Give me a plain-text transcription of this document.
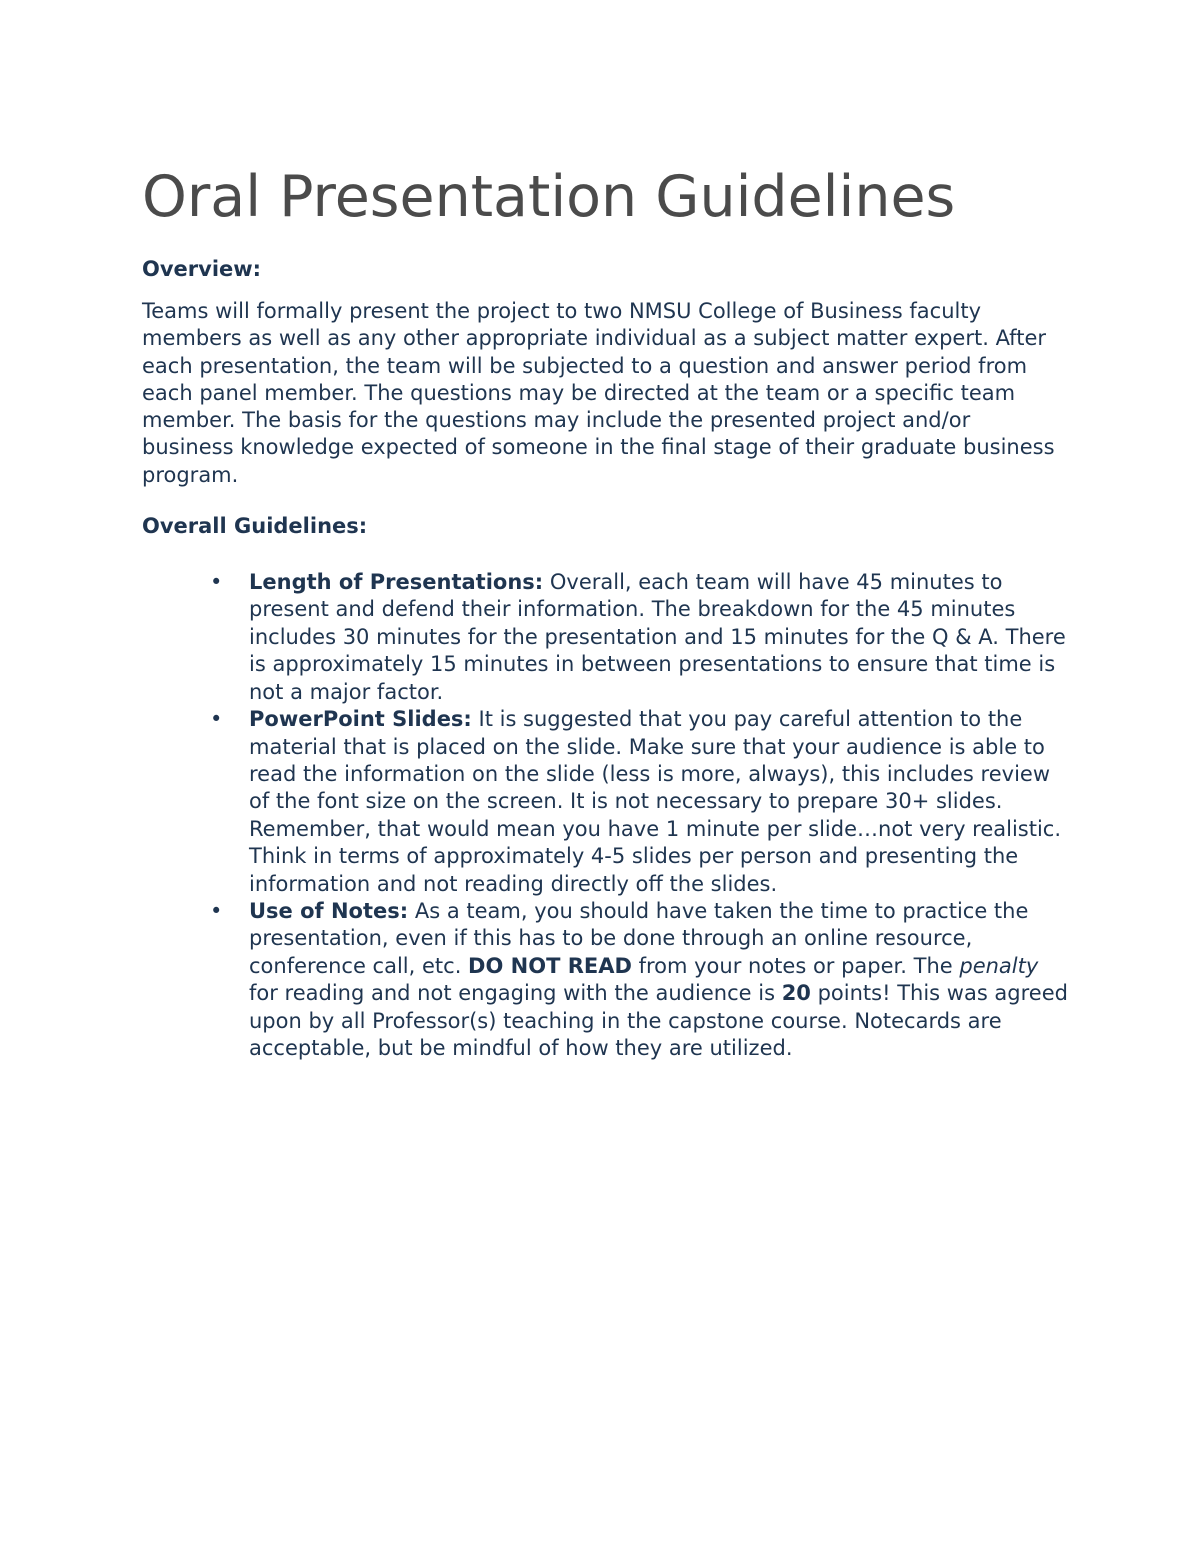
Oral Presentation Guidelines
Overview:

Teams will formally present the project to two NMSU College of Business faculty members as well as any other appropriate individual as a subject matter expert. After each presentation, the team will be subjected to a question and answer period from each panel member. The questions may be directed at the team or a specific team member. The basis for the questions may include the presented project and/or business knowledge expected of someone in the final stage of their graduate business program.

Overall Guidelines:
• Length of Presentations: Overall, each team will have 45 minutes to present and defend their information. The breakdown for the 45 minutes includes 30 minutes for the presentation and 15 minutes for the Q & A. There is approximately 15 minutes in between presentations to ensure that time is not a major factor.
• PowerPoint Slides: It is suggested that you pay careful attention to the material that is placed on the slide. Make sure that your audience is able to read the information on the slide (less is more, always), this includes review of the font size on the screen. It is not necessary to prepare 30+ slides. Remember, that would mean you have 1 minute per slide…not very realistic. Think in terms of approximately 4-5 slides per person and presenting the information and not reading directly off the slides.
• Use of Notes: As a team, you should have taken the time to practice the presentation, even if this has to be done through an online resource, conference call, etc. DO NOT READ from your notes or paper. The penalty for reading and not engaging with the audience is 20 points! This was agreed upon by all Professor(s) teaching in the capstone course. Notecards are acceptable, but be mindful of how they are utilized.
